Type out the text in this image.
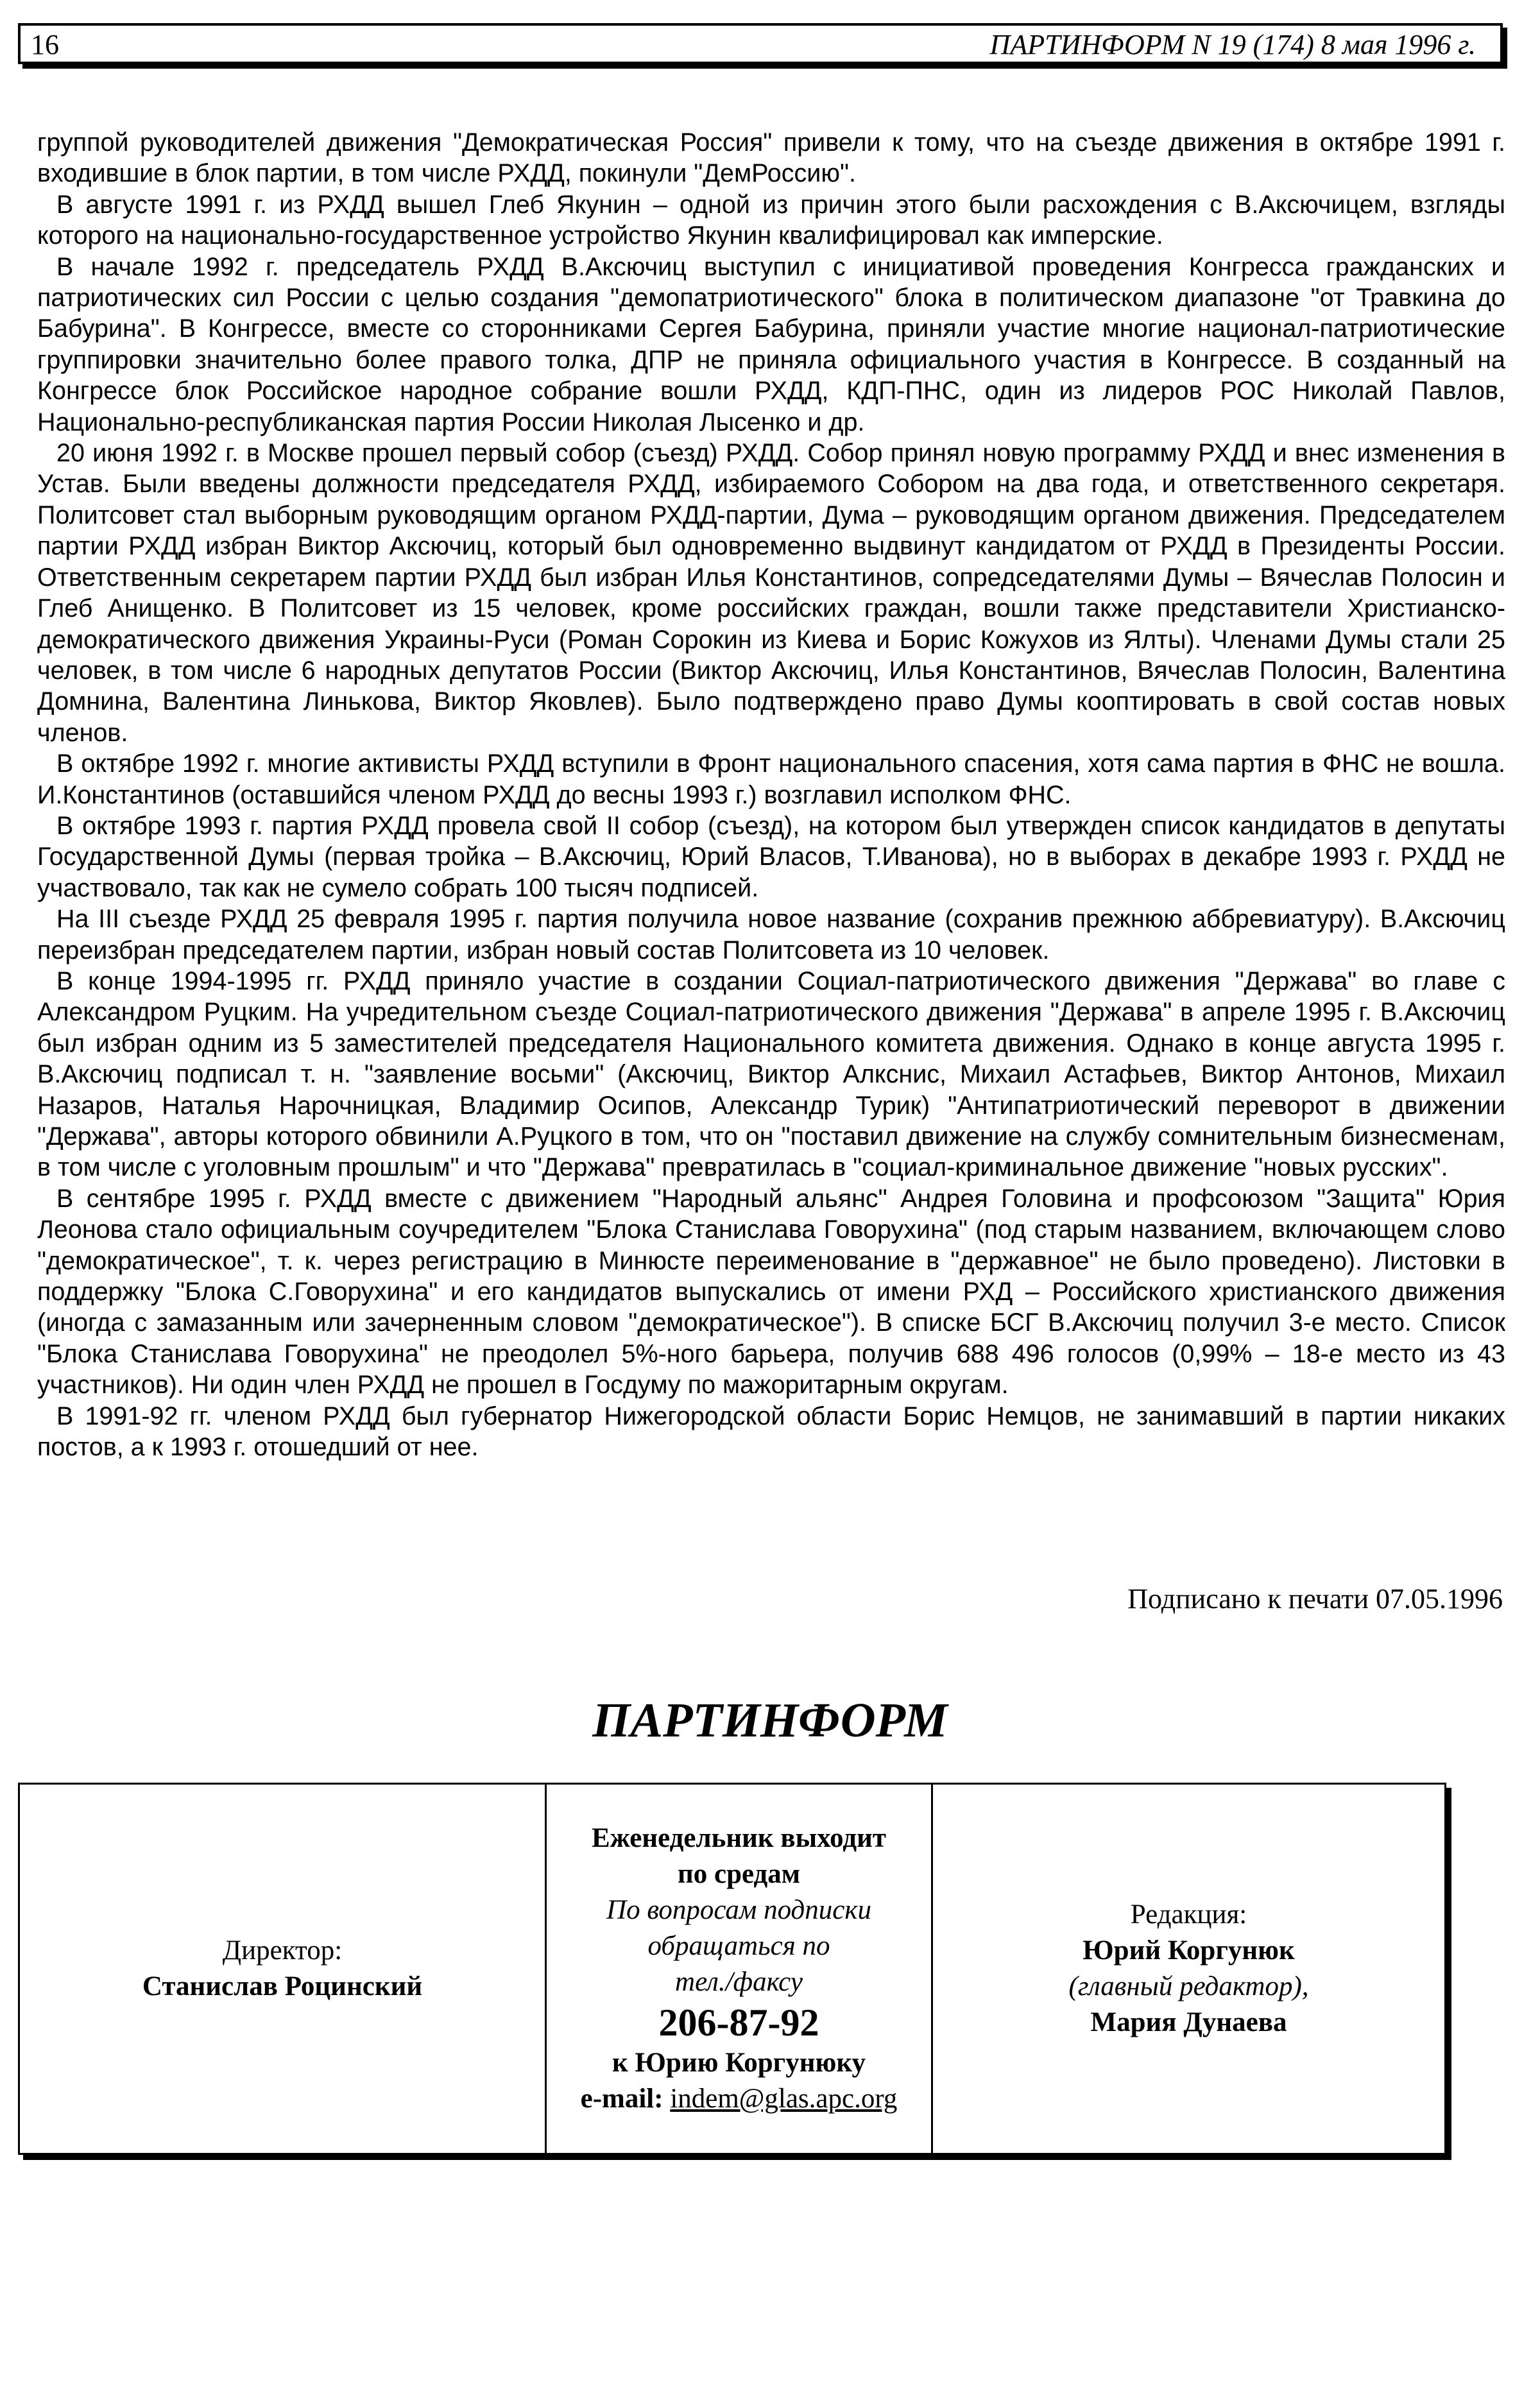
16	ПАРТИНФОРМ N 19 (174) 8 мая 1996 г.

группой руководителей движения "Демократическая Россия" привели к тому, что на съезде движения в октябре 1991 г. входившие в блок партии, в том числе РХДД, покинули "ДемРоссию".

В августе 1991 г. из РХДД вышел Глеб Якунин – одной из причин этого были расхождения с В.Аксючицем, взгляды которого на национально-государственное устройство Якунин квалифицировал как имперские.

В начале 1992 г. председатель РХДД В.Аксючиц выступил с инициативой проведения Конгресса гражданских и патриотических сил России с целью создания "демопатриотического" блока в политическом диапазоне "от Травкина до Бабурина". В Конгрессе, вместе со сторонниками Сергея Бабурина, приняли участие многие национал-патриотические группировки значительно более правого толка, ДПР не приняла официального участия в Конгрессе. В созданный на Конгрессе блок Российское народное собрание вошли РХДД, КДП-ПНС, один из лидеров РОС Николай Павлов, Национально-республиканская партия России Николая Лысенко и др.

20 июня 1992 г. в Москве прошел первый собор (съезд) РХДД. Собор принял новую программу РХДД и внес изменения в Устав. Были введены должности председателя РХДД, избираемого Собором на два года, и ответственного секретаря. Политсовет стал выборным руководящим органом РХДД-партии, Дума – руководящим органом движения. Председателем партии РХДД избран Виктор Аксючиц, который был одновременно выдвинут кандидатом от РХДД в Президенты России. Ответственным секретарем партии РХДД был избран Илья Константинов, сопредседателями Думы – Вячеслав Полосин и Глеб Анищенко. В Политсовет из 15 человек, кроме российских граждан, вошли также представители Христианско-демократического движения Украины-Руси (Роман Сорокин из Киева и Борис Кожухов из Ялты). Членами Думы стали 25 человек, в том числе 6 народных депутатов России (Виктор Аксючиц, Илья Константинов, Вячеслав Полосин, Валентина Домнина, Валентина Линькова, Виктор Яковлев). Было подтверждено право Думы кооптировать в свой состав новых членов.

В октябре 1992 г. многие активисты РХДД вступили в Фронт национального спасения, хотя сама партия в ФНС не вошла. И.Константинов (оставшийся членом РХДД до весны 1993 г.) возглавил исполком ФНС.

В октябре 1993 г. партия РХДД провела свой II собор (съезд), на котором был утвержден список кандидатов в депутаты Государственной Думы (первая тройка – В.Аксючиц, Юрий Власов, Т.Иванова), но в выборах в декабре 1993 г. РХДД не участвовало, так как не сумело собрать 100 тысяч подписей.

На III съезде РХДД 25 февраля 1995 г. партия получила новое название (сохранив прежнюю аббревиатуру). В.Аксючиц переизбран председателем партии, избран новый состав Политсовета из 10 человек.

В конце 1994-1995 гг. РХДД приняло участие в создании Социал-патриотического движения "Держава" во главе с Александром Руцким. На учредительном съезде Социал-патриотического движения "Держава" в апреле 1995 г. В.Аксючиц был избран одним из 5 заместителей председателя Национального комитета движения. Однако в конце августа 1995 г. В.Аксючиц подписал т. н. "заявление восьми" (Аксючиц, Виктор Алкснис, Михаил Астафьев, Виктор Антонов, Михаил Назаров, Наталья Нарочницкая, Владимир Осипов, Александр Турик) "Антипатриотический переворот в движении "Держава", авторы которого обвинили А.Руцкого в том, что он "поставил движение на службу сомнительным бизнесменам, в том числе с уголовным прошлым" и что "Держава" превратилась в "социал-криминальное движение "новых русских".

В сентябре 1995 г. РХДД вместе с движением "Народный альянс" Андрея Головина и профсоюзом "Защита" Юрия Леонова стало официальным соучредителем "Блока Станислава Говорухина" (под старым названием, включающем слово "демократическое", т. к. через регистрацию в Минюсте переименование в "державное" не было проведено). Листовки в поддержку "Блока С.Говорухина" и его кандидатов выпускались от имени РХД – Российского христианского движения (иногда с замазанным или зачерненным словом "демократическое"). В списке БСГ В.Аксючиц получил 3-е место. Список "Блока Станислава Говорухина" не преодолел 5%-ного барьера, получив 688 496 голосов (0,99% – 18-е место из 43 участников). Ни один член РХДД не прошел в Госдуму по мажоритарным округам.

В 1991-92 гг. членом РХДД был губернатор Нижегородской области Борис Немцов, не занимавший в партии никаких постов, а к 1993 г. отошедший от нее.

Подписано к печати 07.05.1996
ПАРТИНФОРМ
Директор:
Станислав Роцинский
Еженедельник выходит
по средам
По вопросам подписки
обращаться по
тел./факсу
206-87-92
к Юрию Коргунюку
e-mail: indem@glas.apc.org
Редакция:
Юрий Коргунюк
(главный редактор),
Мария Дунаева
